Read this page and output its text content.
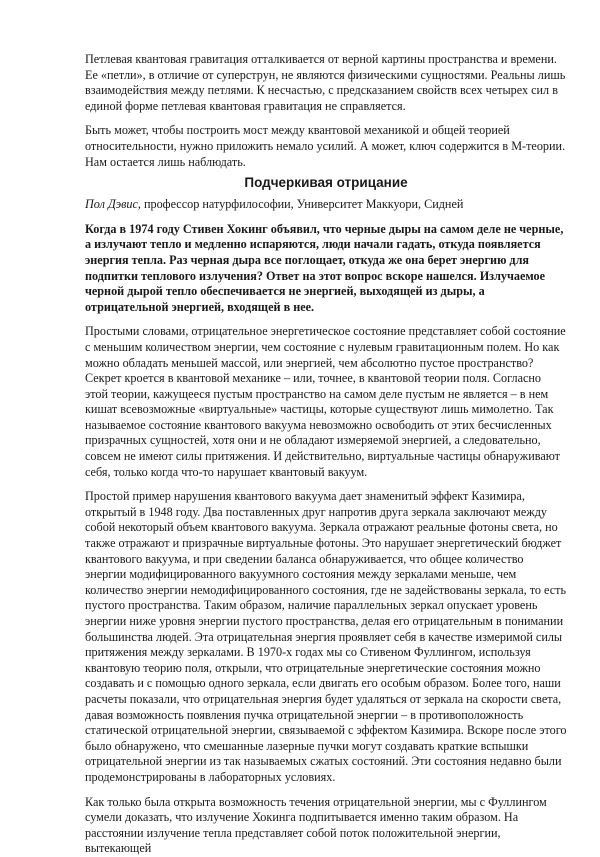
Петлевая квантовая гравитация отталкивается от верной картины пространства и времени. Ее «петли», в отличие от суперструн, не являются физическими сущностями. Реальны лишь взаимодействия между петлями. К несчастью, с предсказанием свойств всех четырех сил в единой форме петлевая квантовая гравитация не справляется.

Быть может, чтобы построить мост между квантовой механикой и общей теорией относительности, нужно приложить немало усилий. А может, ключ содержится в М-теории. Нам остается лишь наблюдать.

Подчеркивая отрицание

Пол Дэвис, профессор натурфилософии, Университет Маккуори, Сидней

Когда в 1974 году Стивен Хокинг объявил, что черные дыры на самом деле не черные, а излучают тепло и медленно испаряются, люди начали гадать, откуда появляется энергия тепла. Раз черная дыра все поглощает, откуда же она берет энергию для подпитки теплового излучения? Ответ на этот вопрос вскоре нашелся. Излучаемое черной дырой тепло обеспечивается не энергией, выходящей из дыры, а отрицательной энергией, входящей в нее.

Простыми словами, отрицательное энергетическое состояние представляет собой состояние с меньшим количеством энергии, чем состояние с нулевым гравитационным полем. Но как можно обладать меньшей массой, или энергией, чем абсолютно пустое пространство? Секрет кроется в квантовой механике – или, точнее, в квантовой теории поля. Согласно этой теории, кажущееся пустым пространство на самом деле пустым не является – в нем кишат всевозможные «виртуальные» частицы, которые существуют лишь мимолетно. Так называемое состояние квантового вакуума невозможно освободить от этих бесчисленных призрачных сущностей, хотя они и не обладают измеряемой энергией, а следовательно, совсем не имеют силы притяжения. И действительно, виртуальные частицы обнаруживают себя, только когда что-то нарушает квантовый вакуум.

Простой пример нарушения квантового вакуума дает знаменитый эффект Казимира, открытый в 1948 году. Два поставленных друг напротив друга зеркала заключают между собой некоторый объем квантового вакуума. Зеркала отражают реальные фотоны света, но также отражают и призрачные виртуальные фотоны. Это нарушает энергетический бюджет квантового вакуума, и при сведении баланса обнаруживается, что общее количество энергии модифицированного вакуумного состояния между зеркалами меньше, чем количество энергии немодифицированного состояния, где не задействованы зеркала, то есть пустого пространства. Таким образом, наличие параллельных зеркал опускает уровень энергии ниже уровня энергии пустого пространства, делая его отрицательным в понимании большинства людей. Эта отрицательная энергия проявляет себя в качестве измеримой силы притяжения между зеркалами. В 1970-х годах мы со Стивеном Фуллингом, используя квантовую теорию поля, открыли, что отрицательные энергетические состояния можно создавать и с помощью одного зеркала, если двигать его особым образом. Более того, наши расчеты показали, что отрицательная энергия будет удаляться от зеркала на скорости света, давая возможность появления пучка отрицательной энергии – в противоположность статической отрицательной энергии, связываемой с эффектом Казимира. Вскоре после этого было обнаружено, что смешанные лазерные пучки могут создавать краткие вспышки отрицательной энергии из так называемых сжатых состояний. Эти состояния недавно были продемонстрированы в лабораторных условиях.

Как только была открыта возможность течения отрицательной энергии, мы с Фуллингом сумели доказать, что излучение Хокинга подпитывается именно таким образом. На расстоянии излучение тепла представляет собой поток положительной энергии, вытекающей
